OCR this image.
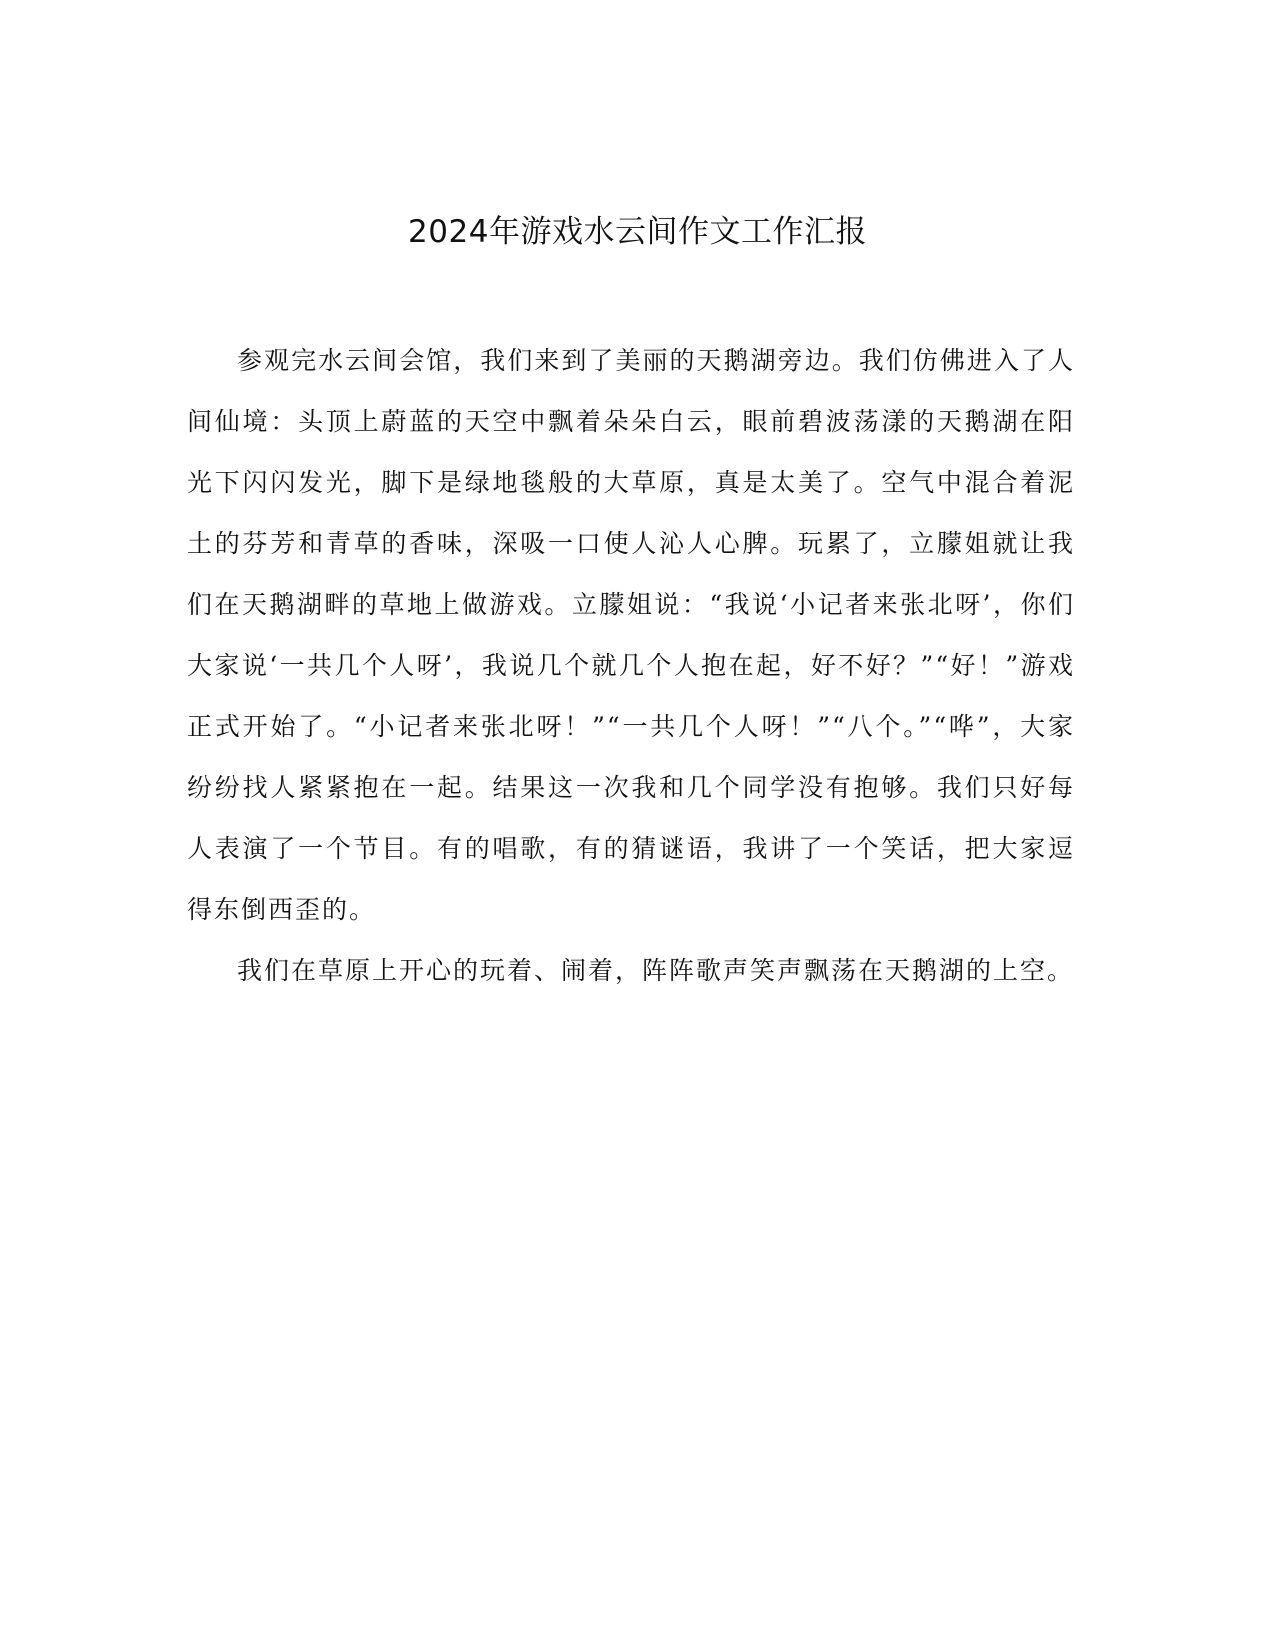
2024年游戏水云间作文工作汇报

参观完水云间会馆，我们来到了美丽的天鹅湖旁边。我们仿佛进入了人间仙境：头顶上蔚蓝的天空中飘着朵朵白云，眼前碧波荡漾的天鹅湖在阳光下闪闪发光，脚下是绿地毯般的大草原，真是太美了。空气中混合着泥土的芬芳和青草的香味，深吸一口使人沁人心脾。玩累了，立朦姐就让我们在天鹅湖畔的草地上做游戏。立朦姐说：“我说‘小记者来张北呀’，你们大家说‘一共几个人呀’，我说几个就几个人抱在起，好不好？”“好！”游戏正式开始了。“小记者来张北呀！”“一共几个人呀！”“八个。”“哗”，大家纷纷找人紧紧抱在一起。结果这一次我和几个同学没有抱够。我们只好每人表演了一个节目。有的唱歌，有的猜谜语，我讲了一个笑话，把大家逗得东倒西歪的。

我们在草原上开心的玩着、闹着，阵阵歌声笑声飘荡在天鹅湖的上空。
